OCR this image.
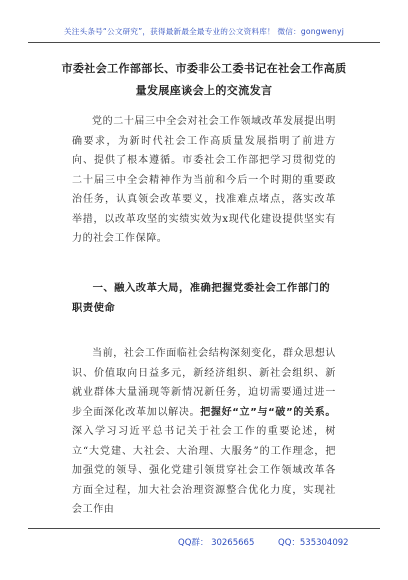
关注头条号“公文研究”，获得最新最全最专业的公文资料库！ 微信：gongwenyj
市委社会工作部部长、市委非公工委书记在社会工作高质量发展座谈会上的交流发言
党的二十届三中全会对社会工作领域改革发展提出明确要求，为新时代社会工作高质量发展指明了前进方向、提供了根本遵循。市委社会工作部把学习贯彻党的二十届三中全会精神作为当前和今后一个时期的重要政治任务，认真领会改革要义，找准难点堵点，落实改革举措，以改革攻坚的实绩实效为x现代化建设提供坚实有力的社会工作保障。
一、融入改革大局，准确把握党委社会工作部门的职责使命
当前，社会工作面临社会结构深刻变化，群众思想认识、价值取向日益多元，新经济组织、新社会组织、新就业群体大量涌现等新情况新任务，迫切需要通过进一步全面深化改革加以解决。把握好“立”与“破”的关系。深入学习习近平总书记关于社会工作的重要论述，树立“大党建、大社会、大治理、大服务”的工作理念，把加强党的领导、强化党建引领贯穿社会工作领域改革各方面全过程，加大社会治理资源整合优化力度，实现社会工作由
QQ群： 30265665	QQ：535304092
